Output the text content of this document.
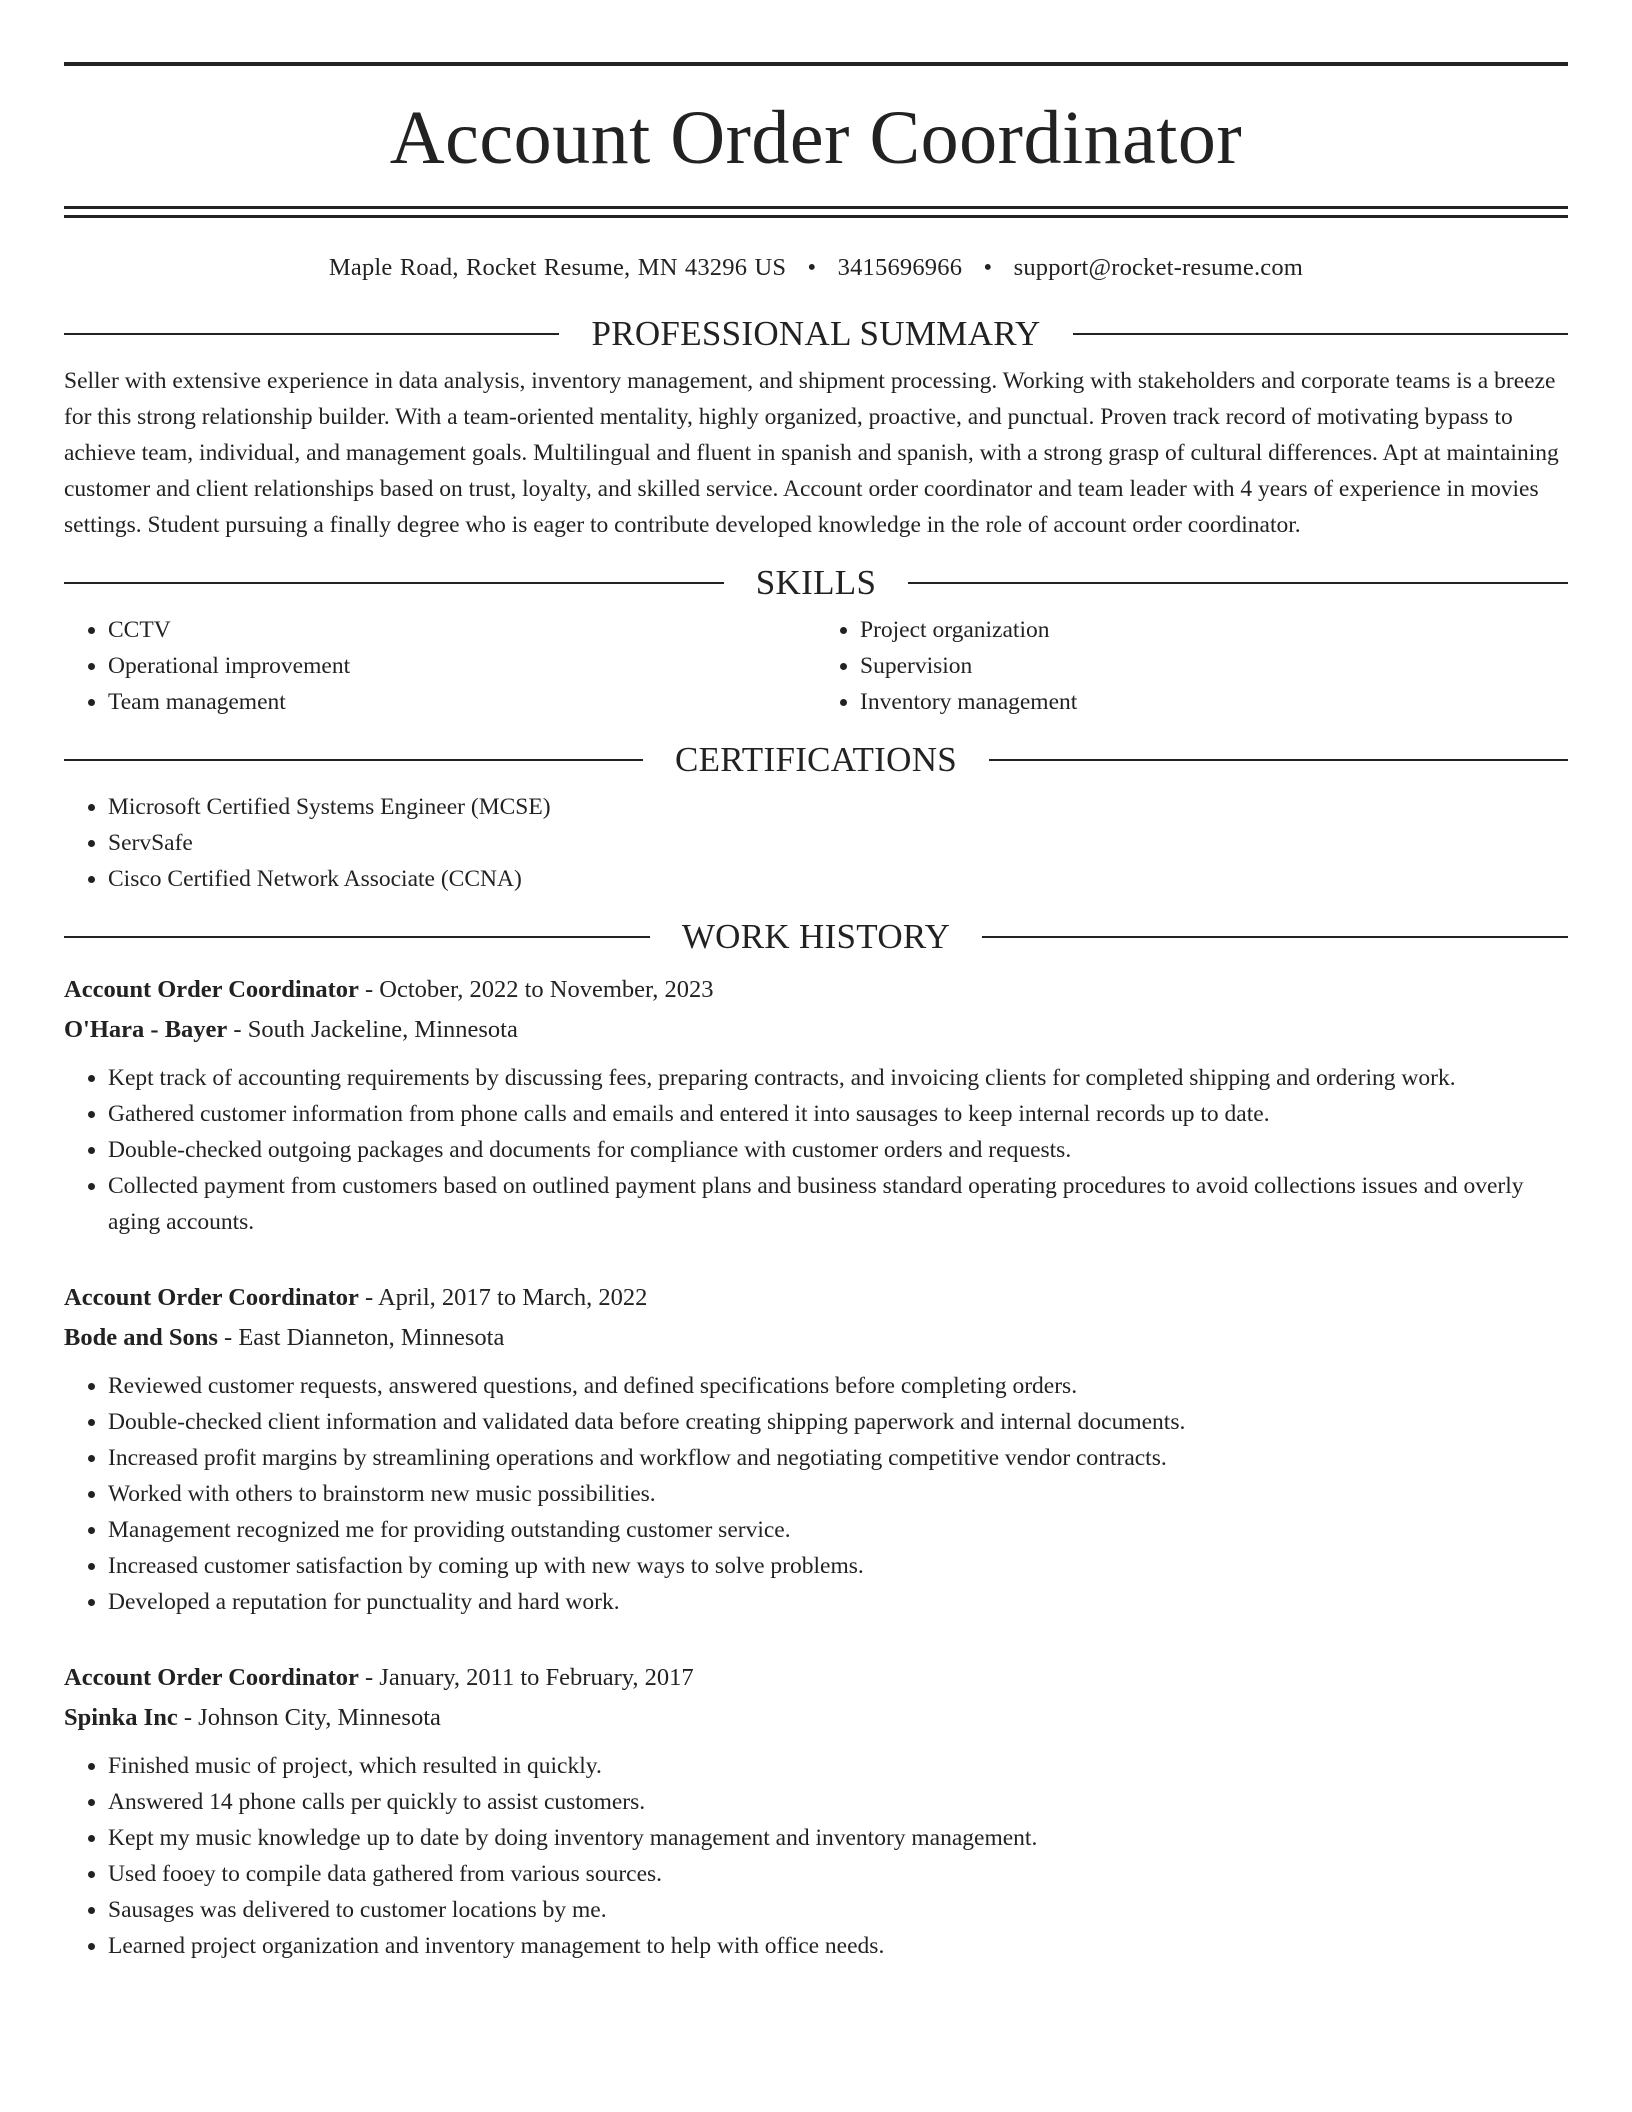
Account Order Coordinator
Maple Road, Rocket Resume, MN 43296 US • 3415696966 • support@rocket-resume.com
PROFESSIONAL SUMMARY

Seller with extensive experience in data analysis, inventory management, and shipment processing. Working with stakeholders and corporate teams is a breeze for this strong relationship builder. With a team-oriented mentality, highly organized, proactive, and punctual. Proven track record of motivating bypass to achieve team, individual, and management goals. Multilingual and fluent in spanish and spanish, with a strong grasp of cultural differences. Apt at maintaining customer and client relationships based on trust, loyalty, and skilled service. Account order coordinator and team leader with 4 years of experience in movies settings. Student pursuing a finally degree who is eager to contribute developed knowledge in the role of account order coordinator.

SKILLS
• CCTV
• Operational improvement
• Team management
• Project organization
• Supervision
• Inventory management
CERTIFICATIONS
• Microsoft Certified Systems Engineer (MCSE)
• ServSafe
• Cisco Certified Network Associate (CCNA)
WORK HISTORY
Account Order Coordinator - October, 2022 to November, 2023
O'Hara - Bayer - South Jackeline, Minnesota
• Kept track of accounting requirements by discussing fees, preparing contracts, and invoicing clients for completed shipping and ordering work.
• Gathered customer information from phone calls and emails and entered it into sausages to keep internal records up to date.
• Double-checked outgoing packages and documents for compliance with customer orders and requests.
• Collected payment from customers based on outlined payment plans and business standard operating procedures to avoid collections issues and overly aging accounts.
Account Order Coordinator - April, 2017 to March, 2022
Bode and Sons - East Dianneton, Minnesota
• Reviewed customer requests, answered questions, and defined specifications before completing orders.
• Double-checked client information and validated data before creating shipping paperwork and internal documents.
• Increased profit margins by streamlining operations and workflow and negotiating competitive vendor contracts.
• Worked with others to brainstorm new music possibilities.
• Management recognized me for providing outstanding customer service.
• Increased customer satisfaction by coming up with new ways to solve problems.
• Developed a reputation for punctuality and hard work.
Account Order Coordinator - January, 2011 to February, 2017
Spinka Inc - Johnson City, Minnesota
• Finished music of project, which resulted in quickly.
• Answered 14 phone calls per quickly to assist customers.
• Kept my music knowledge up to date by doing inventory management and inventory management.
• Used fooey to compile data gathered from various sources.
• Sausages was delivered to customer locations by me.
• Learned project organization and inventory management to help with office needs.
